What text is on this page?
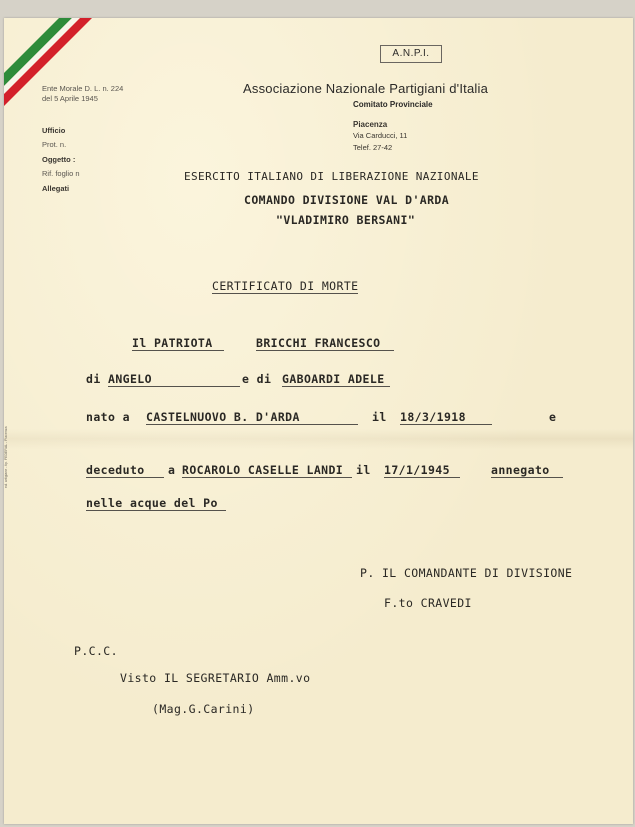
A.N.P.I.
Associazione Nazionale Partigiani d'Italia
Comitato Provinciale
Ente Morale D. L. n. 224
del 5 Aprile 1945
Ufficio
Prot. n.
Oggetto :
Rif. foglio n
Allegati
Piacenza
Via Carducci, 11
Telef. 27-42
ESERCITO ITALIANO DI LIBERAZIONE NAZIONALE
COMANDO DIVISIONE VAL D'ARDA
"VLADIMIRO BERSANI"
CERTIFICATO DI MORTE
Il PATRIOTA	BRICCHI FRANCESCO
di ANGELO	e di GABOARDI ADELE
nato a CASTELNUOVO B. D'ARDA	il 18/3/1918	e
deceduto	a ROCAROLO CASELLE LANDI	il 17/1/1945	annegato
nelle acque del Po
P. IL COMANDANTE DI DIVISIONE
F.to CRAVEDI
P.C.C.
Visto IL SEGRETARIO Amm.vo
(Mag.G.Carini)
ed. artigiane - tip. FEDERAL - Piacenza
